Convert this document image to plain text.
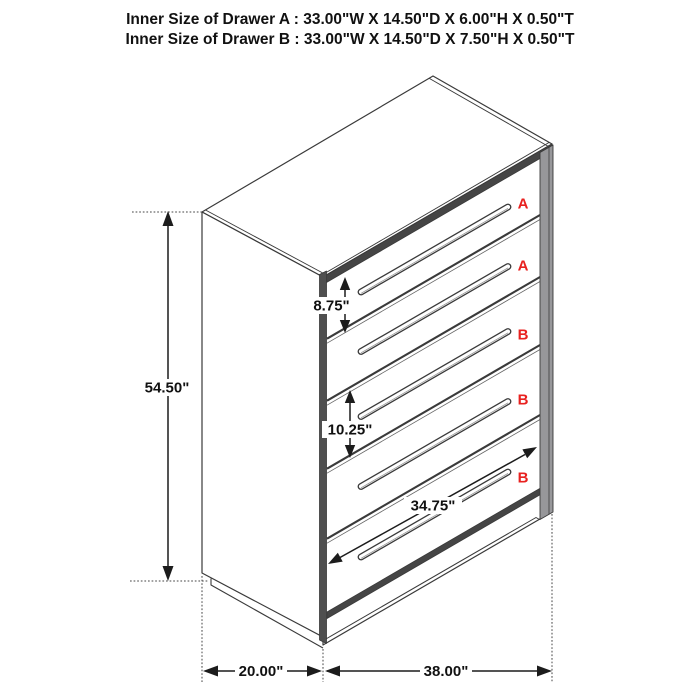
Inner Size of Drawer A : 33.00"W X 14.50"D X 6.00"H X 0.50"T
Inner Size of Drawer B : 33.00"W X 14.50"D X 7.50"H X 0.50"T
A
A
B
B
B
54.50"
8.75"
10.25"
34.75"
20.00"	38.00"
